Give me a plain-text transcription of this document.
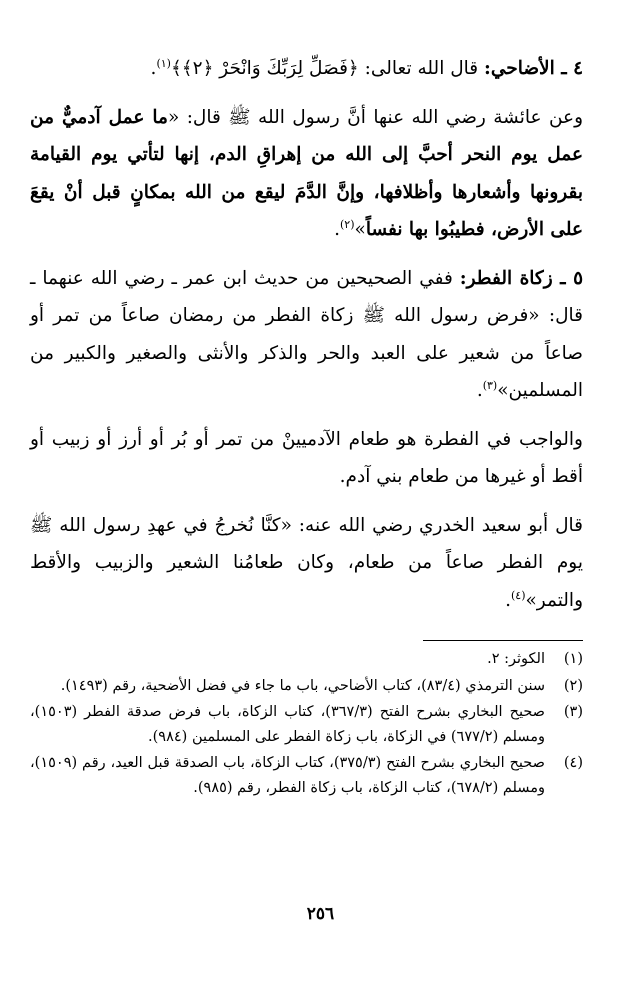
٤ ـ الأضاحي: قال الله تعالى: ﴿فَصَلِّ لِرَبِّكَ وَانْحَرْ ﴿٢﴾﴾$^{(١)}$.

وعن عائشة رضي الله عنها أنَّ رسول الله ﷺ قال: «ما عمل آدميٌّ من عمل يوم النحر أحبَّ إلى الله من إهراقِ الدم، إنها لتأتي يوم القيامة بقرونها وأشعارها وأظلافها، وإنَّ الدَّمَ ليقع من الله بمكانٍ قبل أنْ يقعَ على الأرض، فطيبُوا بها نفساً»$^{(٢)}$.

٥ ـ زكاة الفطر: ففي الصحيحين من حديث ابن عمر ـ رضي الله عنهما ـ قال: «فرض رسول الله ﷺ زكاة الفطر من رمضان صاعاً من تمر أو صاعاً من شعير على العبد والحر والذكر والأنثى والصغير والكبير من المسلمين»$^{(٣)}$.

والواجب في الفطرة هو طعام الآدميينْ من تمر أو بُر أو أرز أو زبيب أو أقط أو غيرها من طعام بني آدم.

قال أبو سعيد الخدري رضي الله عنه: «كنَّا نُخرجُ في عهدِ رسول الله ﷺ يوم الفطر صاعاً من طعام، وكان طعامُنا الشعير والزبيب والأقط والتمر»$^{(٤)}$.

(١)
الكوثر: ٢.
(٢)
سنن الترمذي (٨٣/٤)، كتاب الأضاحي، باب ما جاء في فضل الأضحية، رقم (١٤٩٣).
(٣)
صحيح البخاري بشرح الفتح (٣٦٧/٣)، كتاب الزكاة، باب فرض صدقة الفطر (١٥٠٣)، ومسلم (٦٧٧/٢) في الزكاة، باب زكاة الفطر على المسلمين (٩٨٤).
(٤)
صحيح البخاري بشرح الفتح (٣٧٥/٣)، كتاب الزكاة، باب الصدقة قبل العيد، رقم (١٥٠٩)، ومسلم (٦٧٨/٢)، كتاب الزكاة، باب زكاة الفطر، رقم (٩٨٥).
٢٥٦
